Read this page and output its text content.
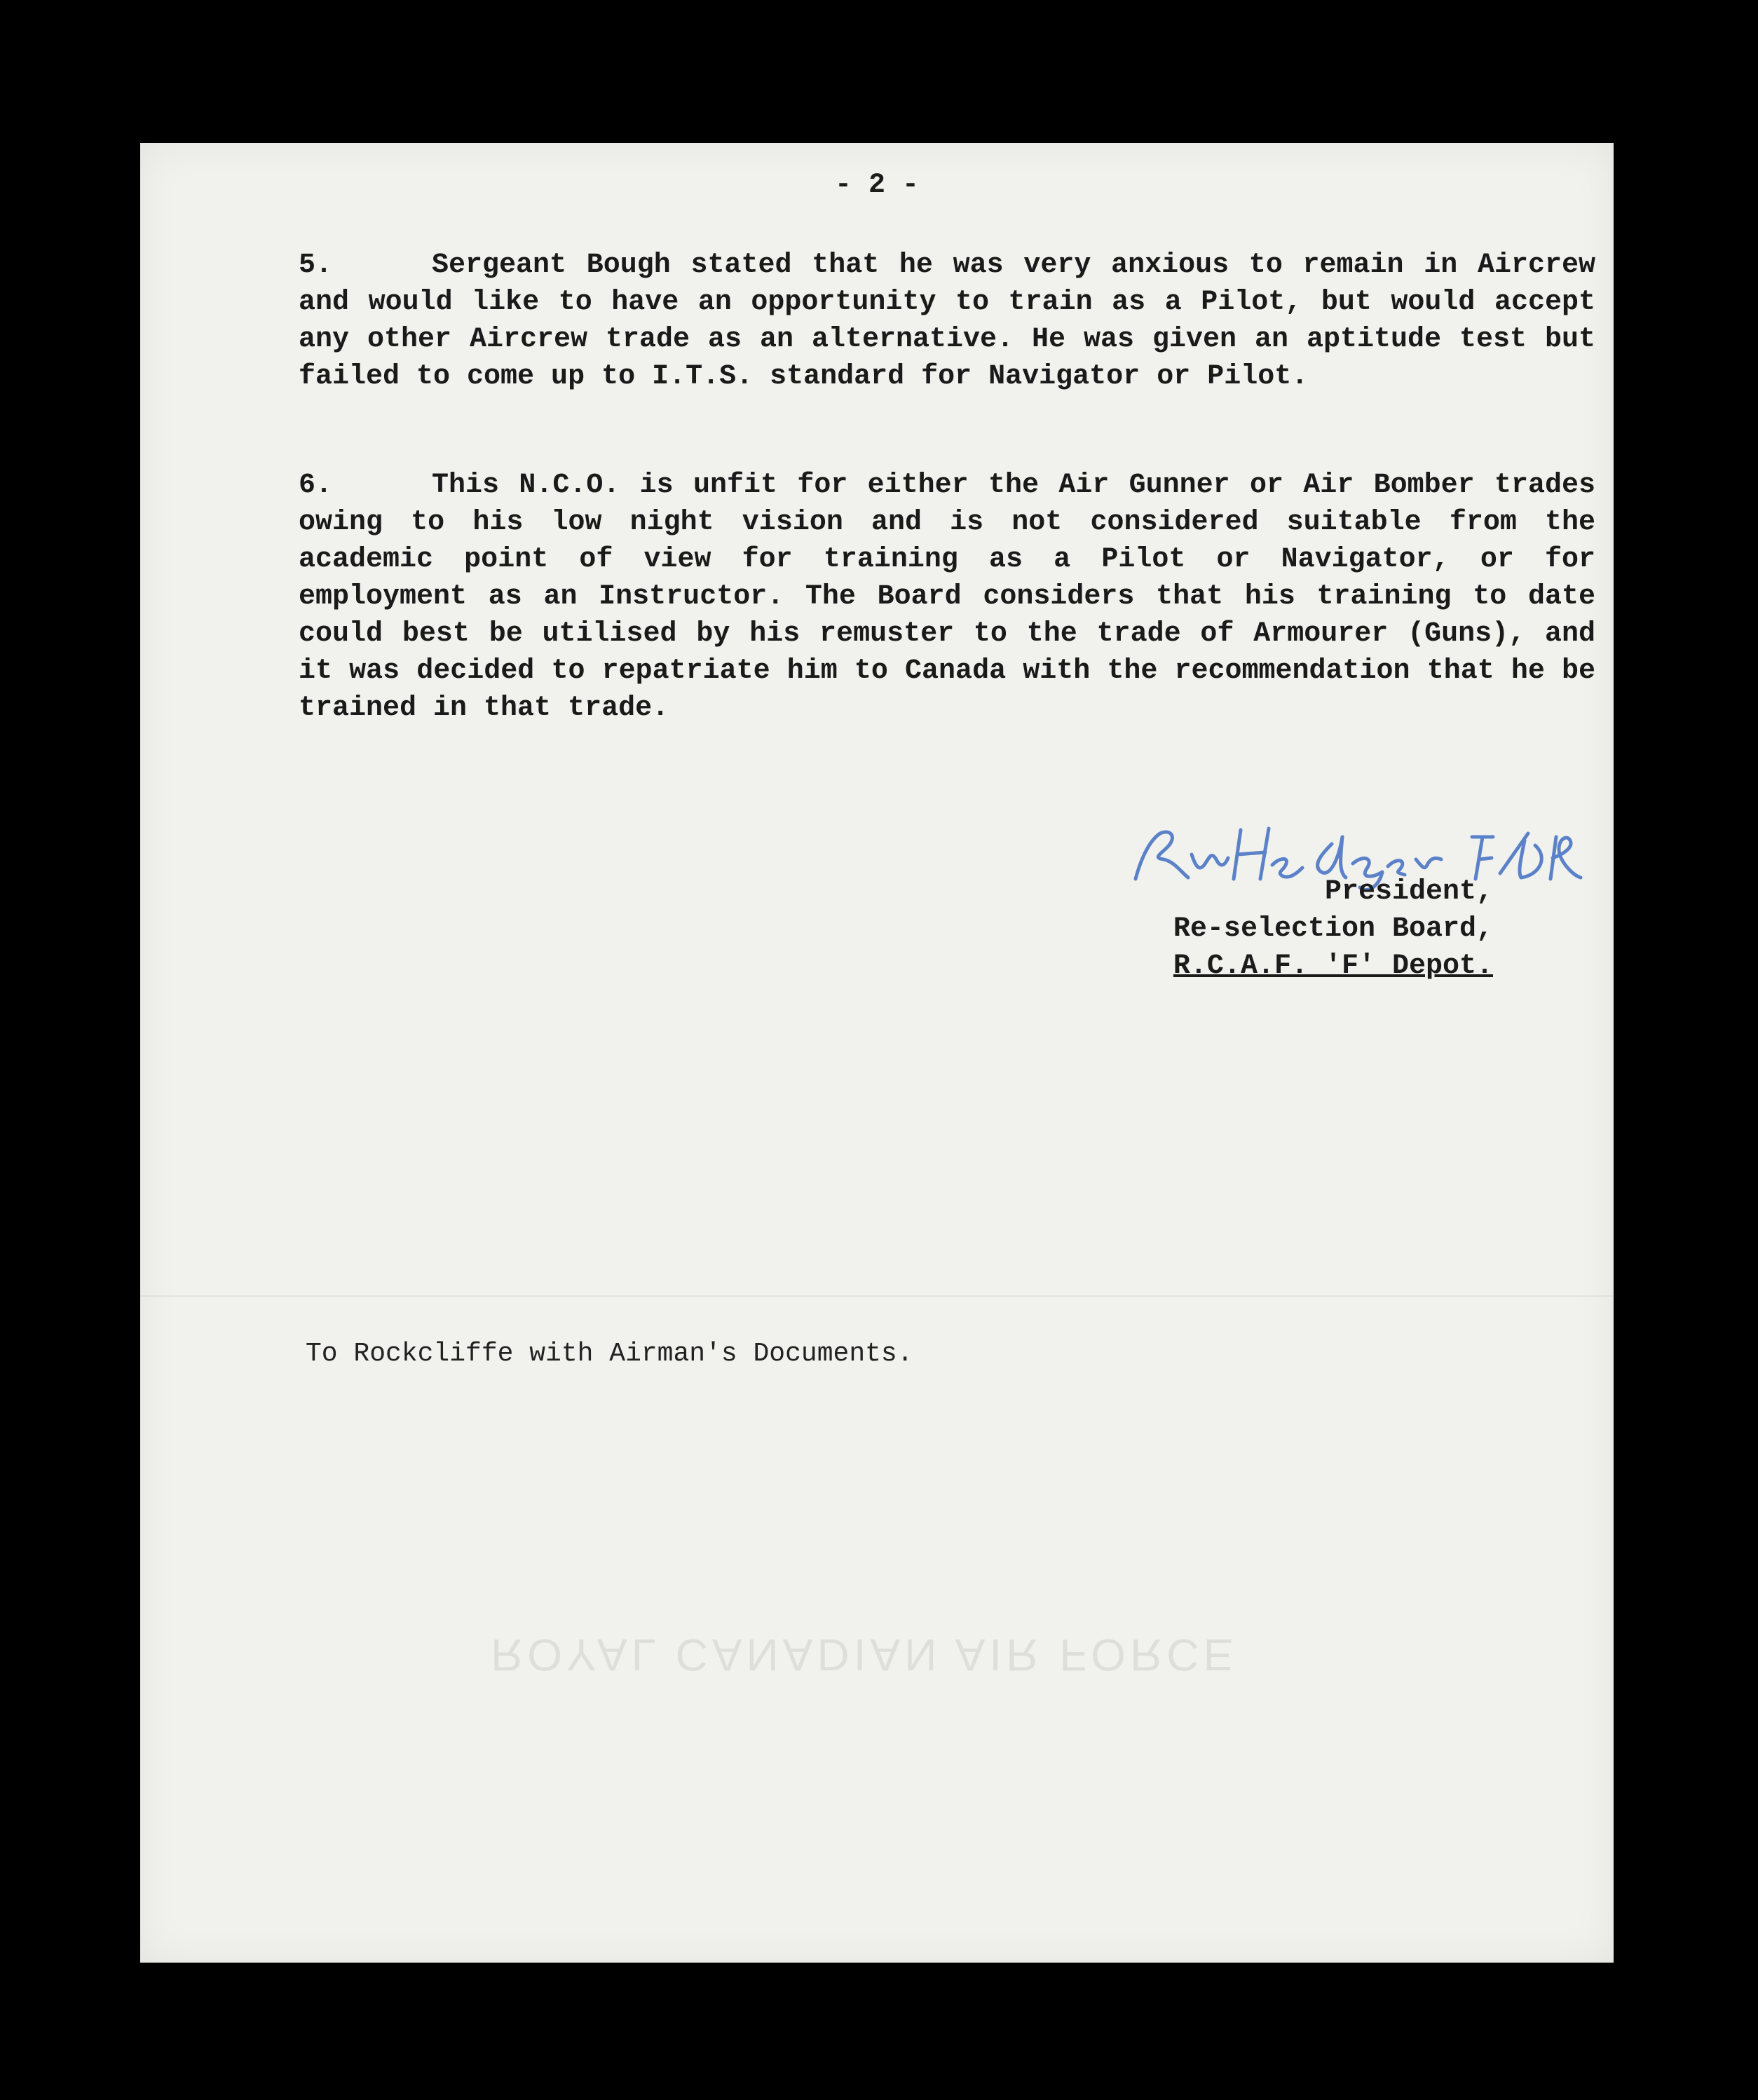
ROYAL CANADIAN AIR FORCE
- 2 -
5.	Sergeant Bough stated that he was very anxious to remain in Aircrew and would like to have an opportunity to train as a Pilot, but would accept any other Aircrew trade as an alternative. He was given an aptitude test but failed to come up to I.T.S. standard for Navigator or Pilot.
6.	This N.C.O. is unfit for either the Air Gunner or Air Bomber trades owing to his low night vision and is not considered suitable from the academic point of view for training as a Pilot or Navigator, or for employment as an Instructor. The Board considers that his training to date could best be utilised by his remuster to the trade of Armourer (Guns), and it was decided to repatriate him to Canada with the recommendation that he be trained in that trade.
President,
Re-selection Board,
R.C.A.F. 'F' Depot.
To Rockcliffe with Airman's Documents.
